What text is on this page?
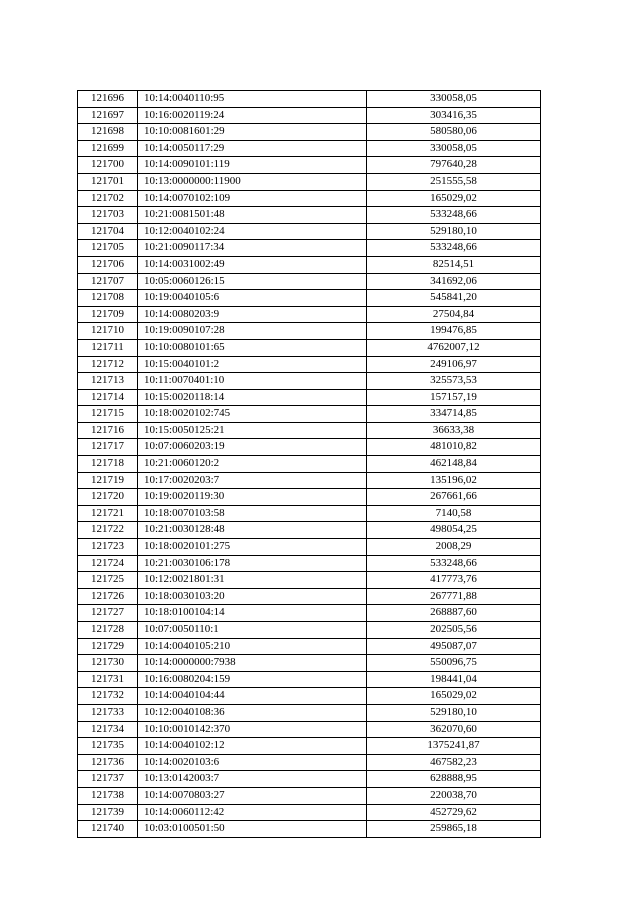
121696	10:14:0040110:95	330058,05
121697	10:16:0020119:24	303416,35
121698	10:10:0081601:29	580580,06
121699	10:14:0050117:29	330058,05
121700	10:14:0090101:119	797640,28
121701	10:13:0000000:11900	251555,58
121702	10:14:0070102:109	165029,02
121703	10:21:0081501:48	533248,66
121704	10:12:0040102:24	529180,10
121705	10:21:0090117:34	533248,66
121706	10:14:0031002:49	82514,51
121707	10:05:0060126:15	341692,06
121708	10:19:0040105:6	545841,20
121709	10:14:0080203:9	27504,84
121710	10:19:0090107:28	199476,85
121711	10:10:0080101:65	4762007,12
121712	10:15:0040101:2	249106,97
121713	10:11:0070401:10	325573,53
121714	10:15:0020118:14	157157,19
121715	10:18:0020102:745	334714,85
121716	10:15:0050125:21	36633,38
121717	10:07:0060203:19	481010,82
121718	10:21:0060120:2	462148,84
121719	10:17:0020203:7	135196,02
121720	10:19:0020119:30	267661,66
121721	10:18:0070103:58	7140,58
121722	10:21:0030128:48	498054,25
121723	10:18:0020101:275	2008,29
121724	10:21:0030106:178	533248,66
121725	10:12:0021801:31	417773,76
121726	10:18:0030103:20	267771,88
121727	10:18:0100104:14	268887,60
121728	10:07:0050110:1	202505,56
121729	10:14:0040105:210	495087,07
121730	10:14:0000000:7938	550096,75
121731	10:16:0080204:159	198441,04
121732	10:14:0040104:44	165029,02
121733	10:12:0040108:36	529180,10
121734	10:10:0010142:370	362070,60
121735	10:14:0040102:12	1375241,87
121736	10:14:0020103:6	467582,23
121737	10:13:0142003:7	628888,95
121738	10:14:0070803:27	220038,70
121739	10:14:0060112:42	452729,62
121740	10:03:0100501:50	259865,18
